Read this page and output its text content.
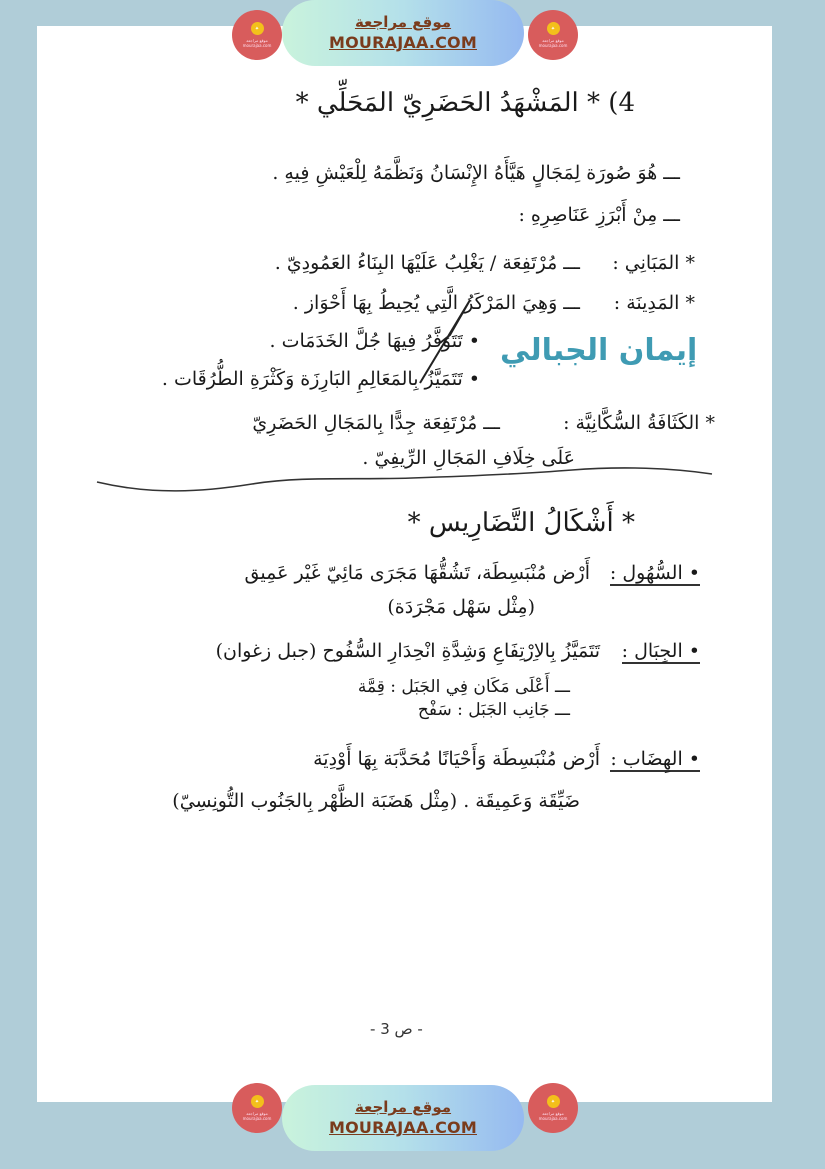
✦
موقع مراجعة mourajaa.com
موقع مراجعة
MOURAJAA.COM
✦
موقع مراجعة mourajaa.com
4) * المَشْهَدُ الحَضَرِيّ المَحَلِّي *
ـــ هُوَ صُورَة لِمَجَالٍ هَيَّأَهُ الإِنْسَانُ وَنَظَّمَهُ لِلْعَيْشِ فِيهِ .
ـــ مِنْ أَبْرَزِ عَنَاصِرِهِ :
* المَبَانِي :
ـــ مُرْتَفِعَة / يَغْلِبُ عَلَيْهَا البِنَاءُ العَمُودِيّ .
* المَدِينَة :
ـــ وَهِيَ المَرْكَزُ الَّتِي يُحِيطُ بِهَا أَحْوَاز .
• تَتَوَفَّرُ فِيهَا جُلَّ الخَدَمَات .
• تَتَمَيَّزُ بِالمَعَالِمِ البَارِزَة وَكَثْرَةِ الطُّرُقَات .
إيمان الجبالي
* الكَثَافَةُ السُّكَّانِيَّة :
ـــ مُرْتَفِعَة جِدًّا بِالمَجَالِ الحَضَرِيّ
عَلَى خِلَافِ المَجَالِ الرِّيفِيّ .
* أَشْكَالُ التَّضَارِيس *
• السُّهُول :
أَرْض مُنْبَسِطَة، تَشُقُّهَا مَجَرَى مَائِيّ غَيْر عَمِيق
(مِثْل سَهْل مَجْرَدَة)
• الجِبَال :
تَتَمَيَّزُ بِالاِرْتِفَاعِ وَشِدَّةِ انْحِدَارِ السُّفُوح (جبل زغوان)
ـــ أَعْلَى مَكَان فِي الجَبَل : قِمَّة
ـــ جَانِب الجَبَل : سَفْح
• الهِضَاب :
أَرْض مُنْبَسِطَة وَأَحْيَانًا مُحَدَّبَة بِهَا أَوْدِيَة
ضَيِّقَة وَعَمِيقَة . (مِثْل هَضَبَة الظَّهْر بِالجَنُوب التُّونِسِيّ)
- ص 3 -
✦
موقع مراجعة mourajaa.com
موقع مراجعة
MOURAJAA.COM
✦
موقع مراجعة mourajaa.com
